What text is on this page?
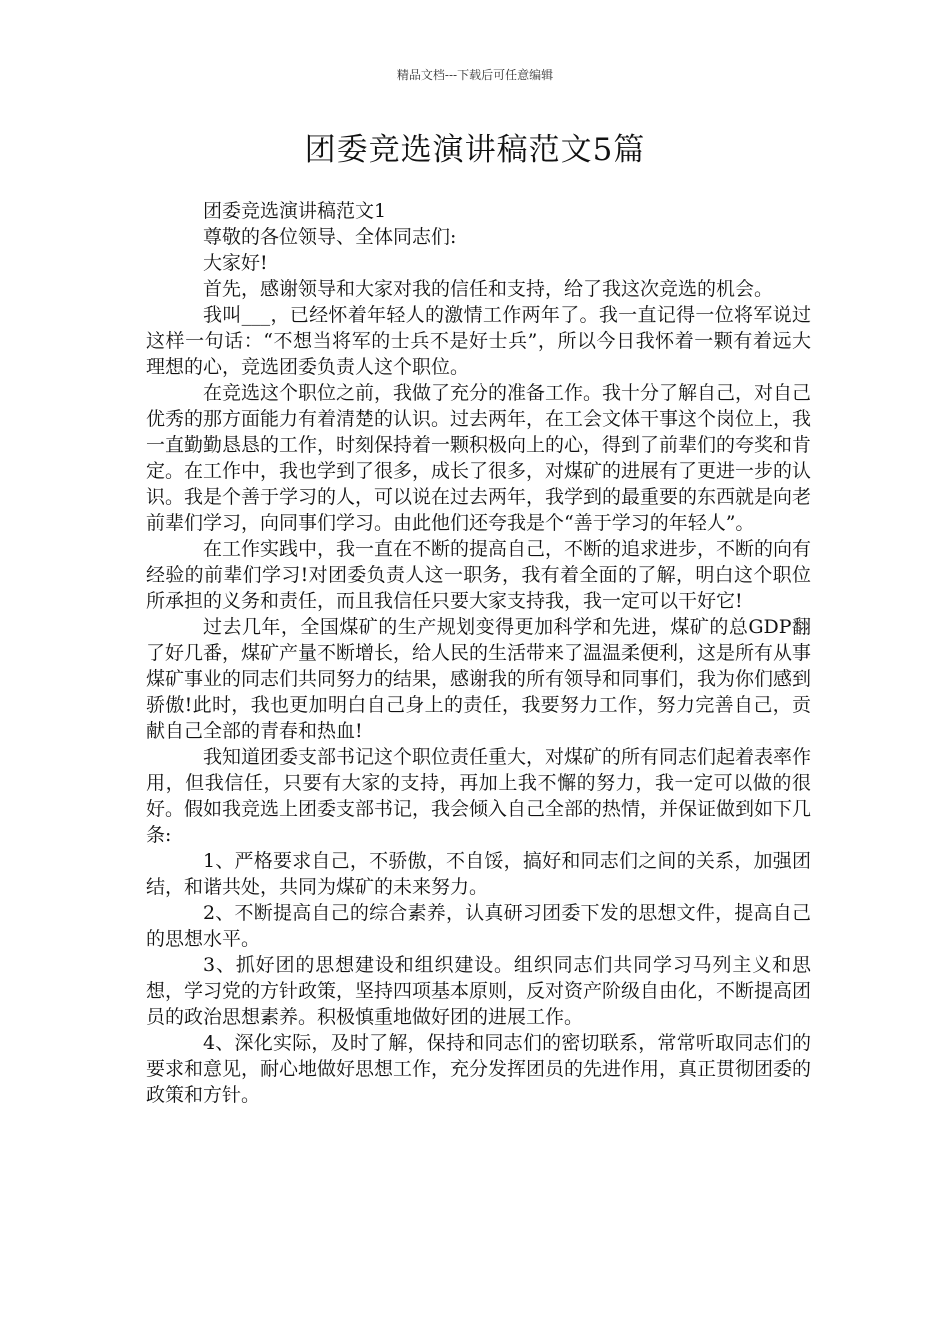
精品文档---下载后可任意编辑
团委竞选演讲稿范文5篇

团委竞选演讲稿范文1

尊敬的各位领导、全体同志们:

大家好!

首先，感谢领导和大家对我的信任和支持，给了我这次竞选的机会。

我叫___，已经怀着年轻人的激情工作两年了。我一直记得一位将军说过这样一句话：“不想当将军的士兵不是好士兵”，所以今日我怀着一颗有着远大理想的心，竞选团委负责人这个职位。

在竞选这个职位之前，我做了充分的准备工作。我十分了解自己，对自己优秀的那方面能力有着清楚的认识。过去两年，在工会文体干事这个岗位上，我一直勤勤恳恳的工作，时刻保持着一颗积极向上的心，得到了前辈们的夸奖和肯定。在工作中，我也学到了很多，成长了很多，对煤矿的进展有了更进一步的认识。我是个善于学习的人，可以说在过去两年，我学到的最重要的东西就是向老前辈们学习，向同事们学习。由此他们还夸我是个“善于学习的年轻人”。

在工作实践中，我一直在不断的提高自己，不断的追求进步，不断的向有经验的前辈们学习!对团委负责人这一职务，我有着全面的了解，明白这个职位所承担的义务和责任，而且我信任只要大家支持我，我一定可以干好它!

过去几年，全国煤矿的生产规划变得更加科学和先进，煤矿的总GDP翻了好几番，煤矿产量不断增长，给人民的生活带来了温温柔便利，这是所有从事煤矿事业的同志们共同努力的结果，感谢我的所有领导和同事们，我为你们感到骄傲!此时，我也更加明白自己身上的责任，我要努力工作，努力完善自己，贡献自己全部的青春和热血!

我知道团委支部书记这个职位责任重大，对煤矿的所有同志们起着表率作用，但我信任，只要有大家的支持，再加上我不懈的努力，我一定可以做的很好。假如我竞选上团委支部书记，我会倾入自己全部的热情，并保证做到如下几条:

1、严格要求自己，不骄傲，不自馁，搞好和同志们之间的关系，加强团结，和谐共处，共同为煤矿的未来努力。

2、不断提高自己的综合素养，认真研习团委下发的思想文件，提高自己的思想水平。

3、抓好团的思想建设和组织建设。组织同志们共同学习马列主义和思想，学习党的方针政策，坚持四项基本原则，反对资产阶级自由化，不断提高团员的政治思想素养。积极慎重地做好团的进展工作。

4、深化实际，及时了解，保持和同志们的密切联系，常常听取同志们的要求和意见，耐心地做好思想工作，充分发挥团员的先进作用，真正贯彻团委的政策和方针。
